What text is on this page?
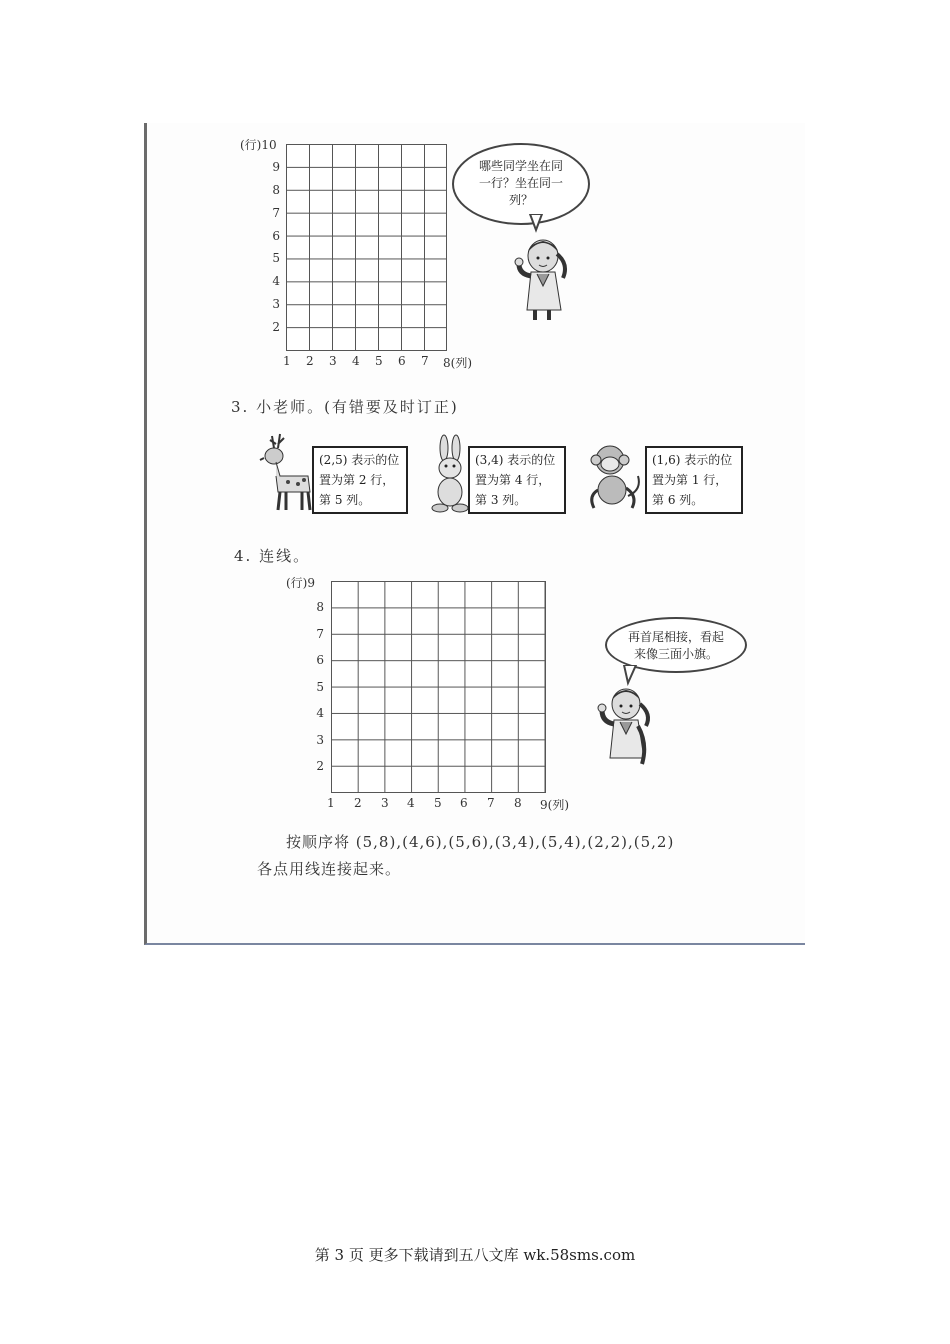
(行)10
9
8
7
6
5
4
3
2
1 2 3 4 5 6 7 8(列)
哪些同学坐在同
一行？坐在同一
列？
3. 小老师。(有错要及时订正)
(2,5) 表示的位
置为第 2 行，
第 5 列。
(3,4) 表示的位
置为第 4 行，
第 3 列。
(1,6) 表示的位
置为第 1 行，
第 6 列。
4. 连线。
(行)9
8
7
6
5
4
3
2
1 2 3 4 5 6 7 8 9(列)
再首尾相接，看起
来像三面小旗。
按顺序将 (5,8),(4,6),(5,6),(3,4),(5,4),(2,2),(5,2)
各点用线连接起来。
第 3 页 更多下载请到五八文库 wk.58sms.com
